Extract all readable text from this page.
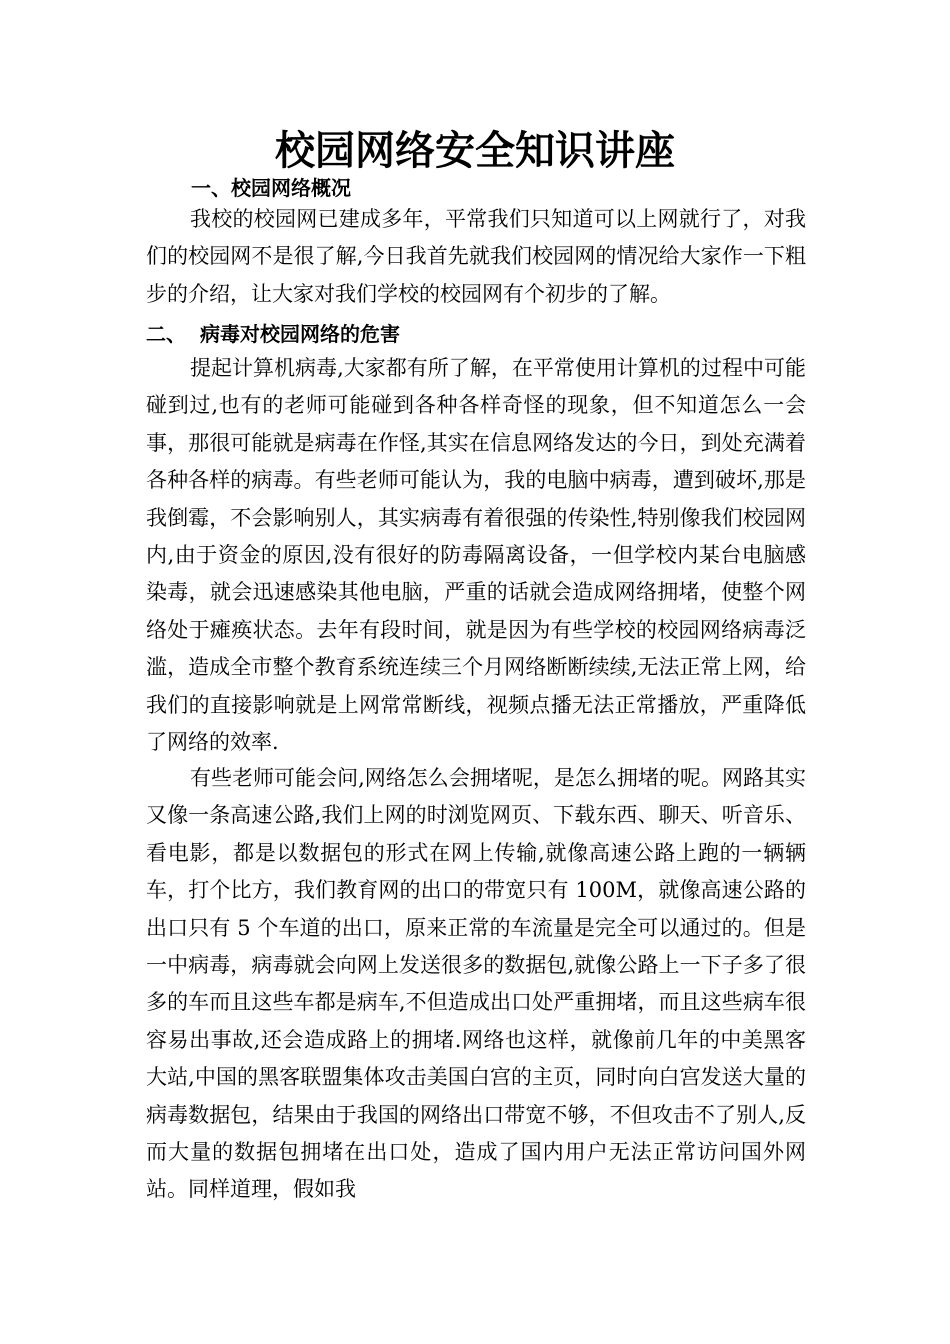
校园网络安全知识讲座
一、校园网络概况

我校的校园网已建成多年，平常我们只知道可以上网就行了，对我们的校园网不是很了解,今日我首先就我们校园网的情况给大家作一下粗步的介绍，让大家对我们学校的校园网有个初步的了解。

二、 病毒对校园网络的危害

提起计算机病毒,大家都有所了解，在平常使用计算机的过程中可能碰到过,也有的老师可能碰到各种各样奇怪的现象，但不知道怎么一会事，那很可能就是病毒在作怪,其实在信息网络发达的今日，到处充满着各种各样的病毒。有些老师可能认为，我的电脑中病毒，遭到破坏,那是我倒霉，不会影响别人，其实病毒有着很强的传染性,特别像我们校园网内,由于资金的原因,没有很好的防毒隔离设备，一但学校内某台电脑感染毒，就会迅速感染其他电脑，严重的话就会造成网络拥堵，使整个网络处于瘫痪状态。去年有段时间，就是因为有些学校的校园网络病毒泛滥，造成全市整个教育系统连续三个月网络断断续续,无法正常上网，给我们的直接影响就是上网常常断线，视频点播无法正常播放，严重降低了网络的效率.

有些老师可能会问,网络怎么会拥堵呢，是怎么拥堵的呢。网路其实又像一条高速公路,我们上网的时浏览网页、下载东西、聊天、听音乐、看电影，都是以数据包的形式在网上传输,就像高速公路上跑的一辆辆车，打个比方，我们教育网的出口的带宽只有 100M，就像高速公路的出口只有 5 个车道的出口，原来正常的车流量是完全可以通过的。但是一中病毒，病毒就会向网上发送很多的数据包,就像公路上一下子多了很多的车而且这些车都是病车,不但造成出口处严重拥堵，而且这些病车很容易出事故,还会造成路上的拥堵.网络也这样，就像前几年的中美黑客大站,中国的黑客联盟集体攻击美国白宫的主页，同时向白宫发送大量的病毒数据包，结果由于我国的网络出口带宽不够，不但攻击不了别人,反而大量的数据包拥堵在出口处，造成了国内用户无法正常访问国外网站。同样道理，假如我
